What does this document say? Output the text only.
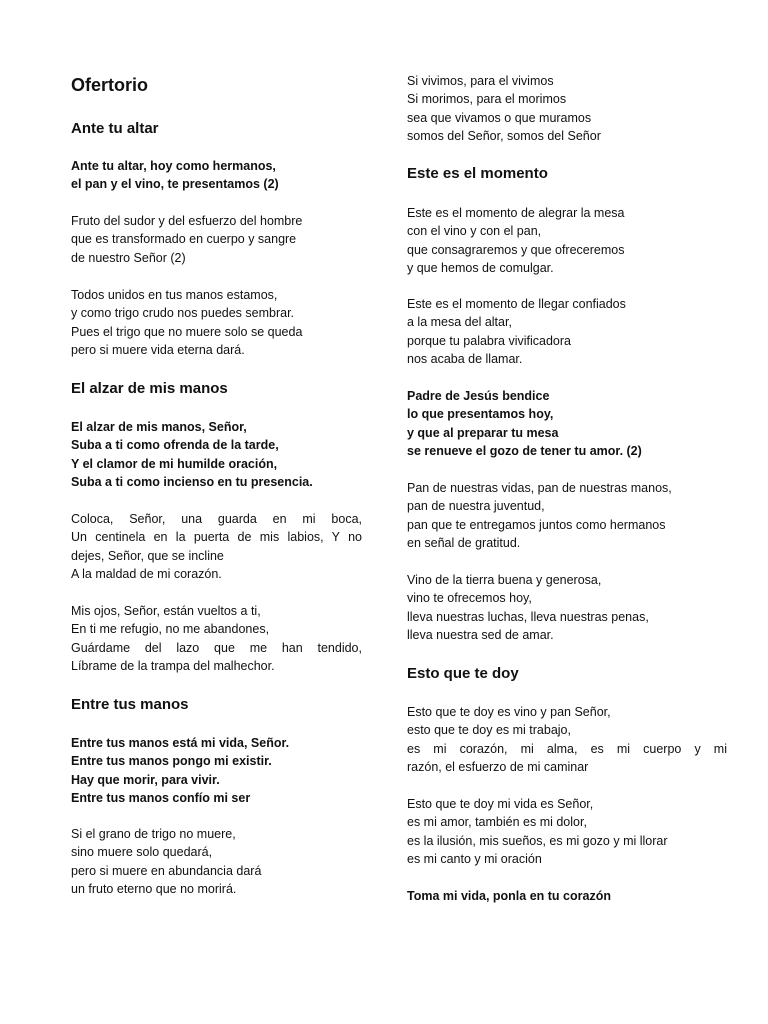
Ofertorio
Ante tu altar
Ante tu altar, hoy como hermanos,
el pan y el vino, te presentamos (2)
Fruto del sudor y del esfuerzo del hombre
que es transformado en cuerpo y sangre
de nuestro Señor (2)
Todos unidos en tus manos estamos,
y como trigo crudo nos puedes sembrar.
Pues el trigo que no muere solo se queda
pero si muere vida eterna dará.
El alzar de mis manos
El alzar de mis manos, Señor,
Suba a ti como ofrenda de la tarde,
Y el clamor de mi humilde oración,
Suba a ti como incienso en tu presencia.
Coloca, Señor, una guarda en mi boca,
Un centinela en la puerta de mis labios, Y no
dejes, Señor, que se incline
A la maldad de mi corazón.
Mis ojos, Señor, están vueltos a ti,
En ti me refugio, no me abandones,
Guárdame del lazo que me han tendido,
Líbrame de la trampa del malhechor.
Entre tus manos
Entre tus manos está mi vida, Señor.
Entre tus manos pongo mi existir.
Hay que morir, para vivir.
Entre tus manos confío mi ser
Si el grano de trigo no muere,
sino muere solo quedará,
pero si muere en abundancia dará
un fruto eterno que no morirá.
Si vivimos, para el vivimos
Si morimos, para el morimos
sea que vivamos o que muramos
somos del Señor, somos del Señor
Este es el momento
Este es el momento de alegrar la mesa
con el vino y con el pan,
que consagraremos y que ofreceremos
y que hemos de comulgar.
Este es el momento de llegar confiados
a la mesa del altar,
porque tu palabra vivificadora
nos acaba de llamar.
Padre de Jesús bendice
lo que presentamos hoy,
y que al preparar tu mesa
se renueve el gozo de tener tu amor. (2)
Pan de nuestras vidas, pan de nuestras manos,
pan de nuestra juventud,
pan que te entregamos juntos como hermanos
en señal de gratitud.
Vino de la tierra buena y generosa,
vino te ofrecemos hoy,
lleva nuestras luchas, lleva nuestras penas,
lleva nuestra sed de amar.
Esto que te doy
Esto que te doy es vino y pan Señor,
esto que te doy es mi trabajo,
es mi corazón, mi alma, es mi cuerpo y mi
razón, el esfuerzo de mi caminar
Esto que te doy mi vida es Señor,
es mi amor, también es mi dolor,
es la ilusión, mis sueños, es mi gozo y mi llorar
es mi canto y mi oración
Toma mi vida, ponla en tu corazón
